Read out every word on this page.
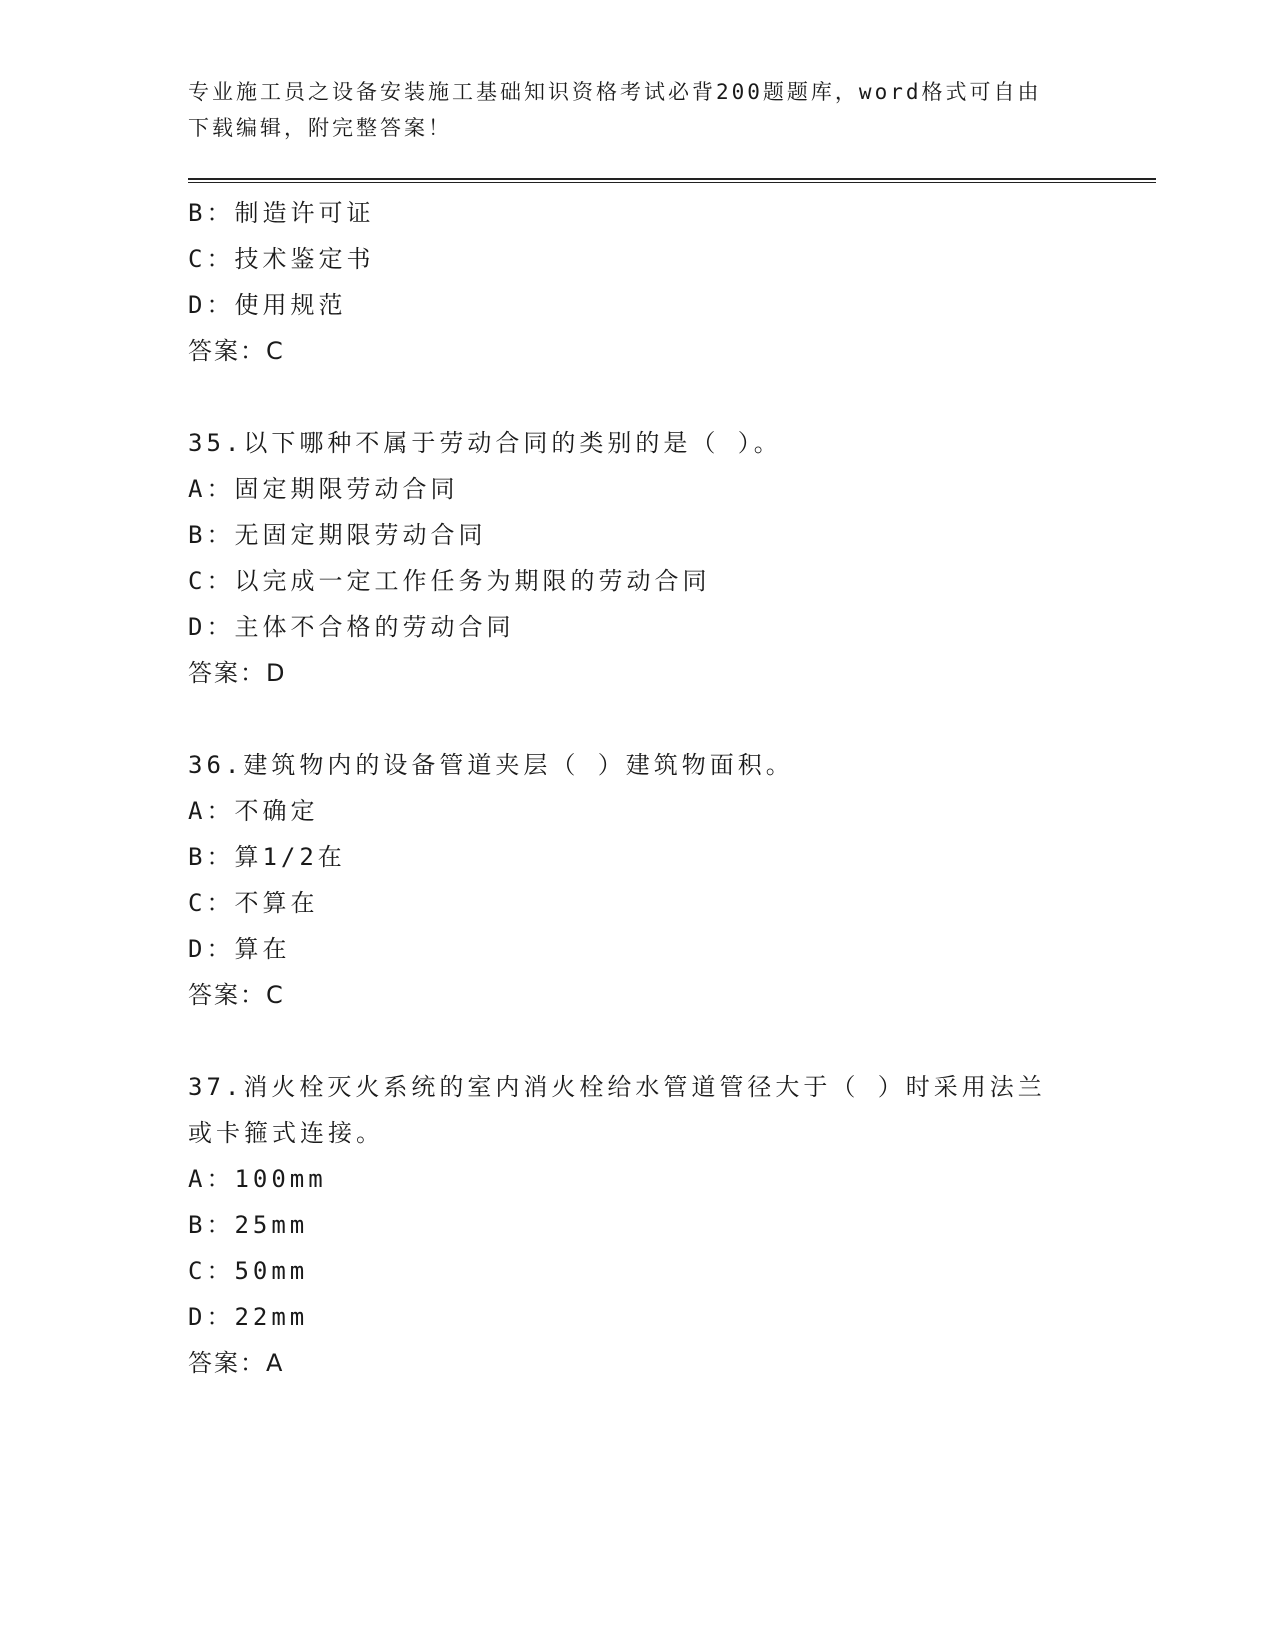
专业施工员之设备安装施工基础知识资格考试必背200题题库，word格式可自由
下载编辑，附完整答案！
B：制造许可证
C：技术鉴定书
D：使用规范
答案：C
35.以下哪种不属于劳动合同的类别的是（ ）。
A：固定期限劳动合同
B：无固定期限劳动合同
C：以完成一定工作任务为期限的劳动合同
D：主体不合格的劳动合同
答案：D
36.建筑物内的设备管道夹层（ ）建筑物面积。
A：不确定
B：算1/2在
C：不算在
D：算在
答案：C
37.消火栓灭火系统的室内消火栓给水管道管径大于（ ）时采用法兰
或卡箍式连接。
A：100mm
B：25mm
C：50mm
D：22mm
答案：A
